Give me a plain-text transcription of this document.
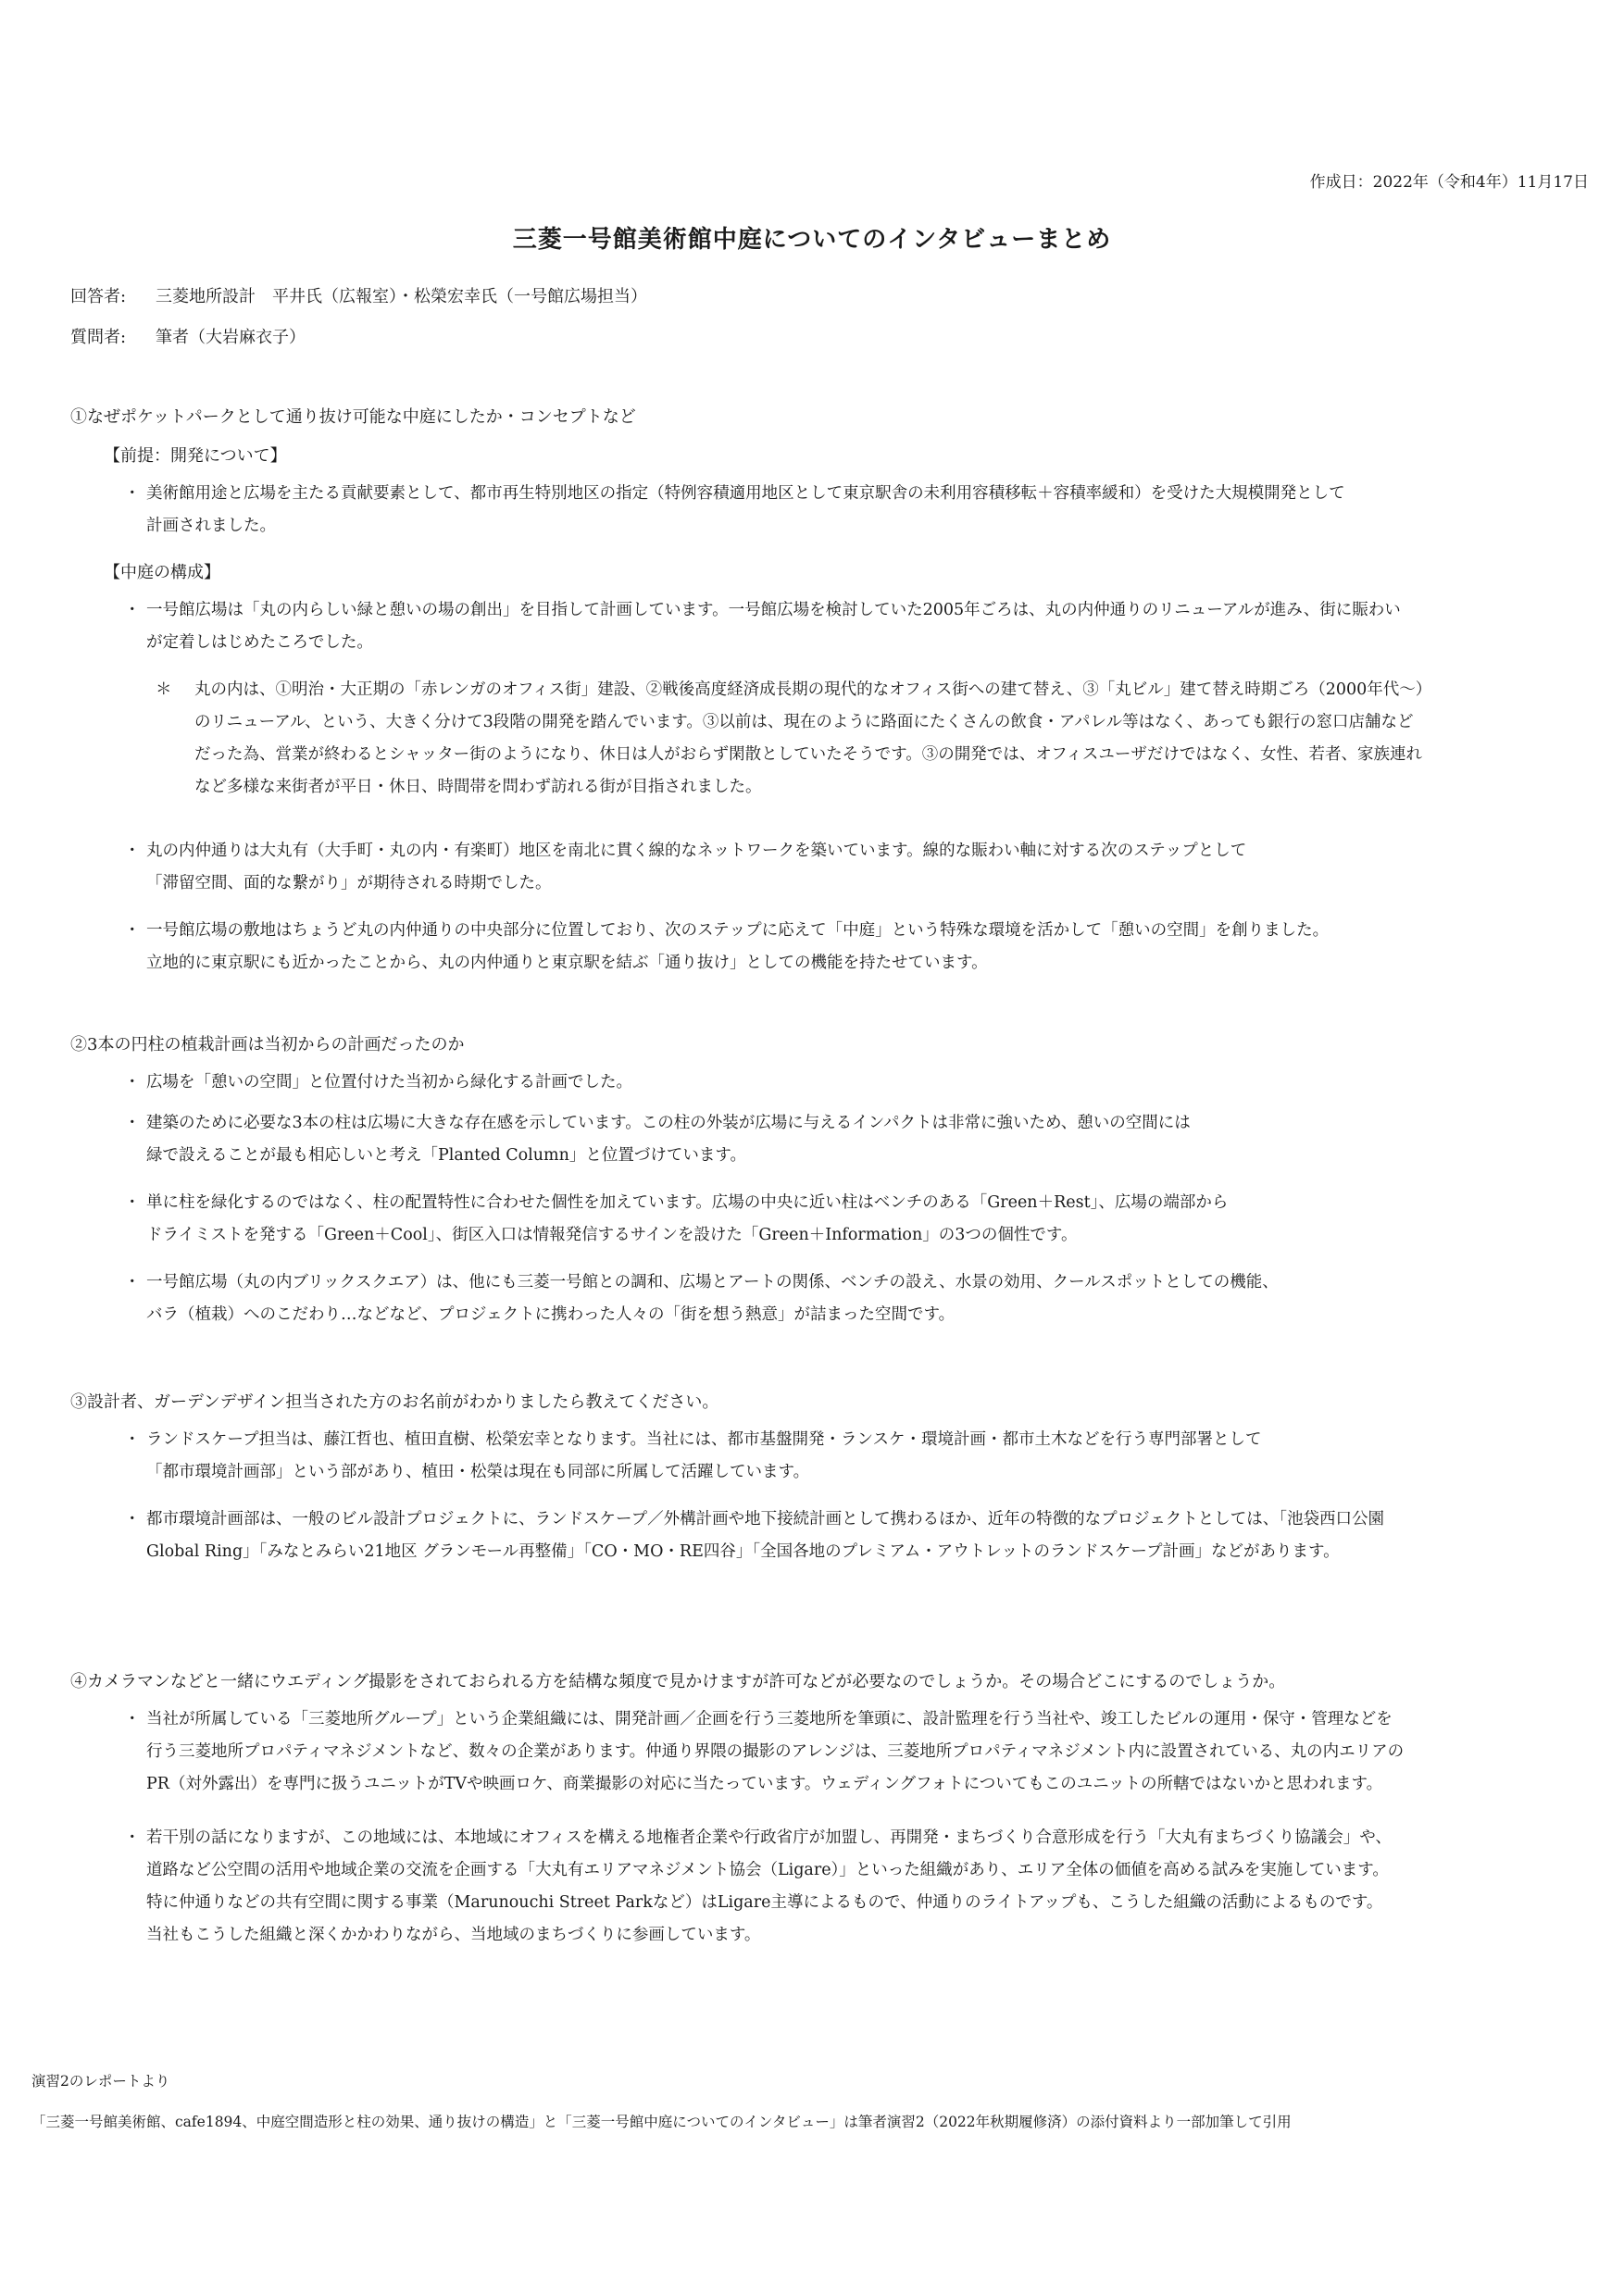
作成日：2022年（令和4年）11月17日
三菱一号館美術館中庭についてのインタビューまとめ
回答者: 三菱地所設計　平井氏（広報室）・松榮宏幸氏（一号館広場担当）
質問者: 筆者（大岩麻衣子）
①なぜポケットパークとして通り抜け可能な中庭にしたか・コンセプトなど
【前提：開発について】
・ 美術館用途と広場を主たる貢献要素として、都市再生特別地区の指定（特例容積適用地区として東京駅舎の未利用容積移転＋容積率緩和）を受けた大規模開発として
計画されました。
【中庭の構成】
・ 一号館広場は「丸の内らしい緑と憩いの場の創出」を目指して計画しています。一号館広場を検討していた2005年ごろは、丸の内仲通りのリニューアルが進み、街に賑わい
が定着しはじめたころでした。
＊	丸の内は、①明治・大正期の「赤レンガのオフィス街」建設、②戦後高度経済成長期の現代的なオフィス街への建て替え、③「丸ビル」建て替え時期ごろ（2000年代～）
のリニューアル、という、大きく分けて3段階の開発を踏んでいます。③以前は、現在のように路面にたくさんの飲食・アパレル等はなく、あっても銀行の窓口店舗など
だった為、営業が終わるとシャッター街のようになり、休日は人がおらず閑散としていたそうです。③の開発では、オフィスユーザだけではなく、女性、若者、家族連れ
など多様な来街者が平日・休日、時間帯を問わず訪れる街が目指されました。
・ 丸の内仲通りは大丸有（大手町・丸の内・有楽町）地区を南北に貫く線的なネットワークを築いています。線的な賑わい軸に対する次のステップとして
「滞留空間、面的な繋がり」が期待される時期でした。
・ 一号館広場の敷地はちょうど丸の内仲通りの中央部分に位置しており、次のステップに応えて「中庭」という特殊な環境を活かして「憩いの空間」を創りました。
立地的に東京駅にも近かったことから、丸の内仲通りと東京駅を結ぶ「通り抜け」としての機能を持たせています。
②3本の円柱の植栽計画は当初からの計画だったのか
・ 広場を「憩いの空間」と位置付けた当初から緑化する計画でした。
・ 建築のために必要な3本の柱は広場に大きな存在感を示しています。この柱の外装が広場に与えるインパクトは非常に強いため、憩いの空間には
緑で設えることが最も相応しいと考え「Planted Column」と位置づけています。
・ 単に柱を緑化するのではなく、柱の配置特性に合わせた個性を加えています。広場の中央に近い柱はベンチのある「Green＋Rest」、広場の端部から
ドライミストを発する「Green＋Cool」、街区入口は情報発信するサインを設けた「Green＋Information」の3つの個性です。
・ 一号館広場（丸の内ブリックスクエア）は、他にも三菱一号館との調和、広場とアートの関係、ベンチの設え、水景の効用、クールスポットとしての機能、
バラ（植栽）へのこだわり…などなど、プロジェクトに携わった人々の「街を想う熱意」が詰まった空間です。
③設計者、ガーデンデザイン担当された方のお名前がわかりましたら教えてください。
・ ランドスケープ担当は、藤江哲也、植田直樹、松榮宏幸となります。当社には、都市基盤開発・ランスケ・環境計画・都市土木などを行う専門部署として
「都市環境計画部」という部があり、植田・松榮は現在も同部に所属して活躍しています。
・ 都市環境計画部は、一般のビル設計プロジェクトに、ランドスケープ／外構計画や地下接続計画として携わるほか、近年の特徴的なプロジェクトとしては、「池袋西口公園
Global Ring」「みなとみらい21地区 グランモール再整備」「CO・MO・RE四谷」「全国各地のプレミアム・アウトレットのランドスケープ計画」などがあります。
④カメラマンなどと一緒にウエディング撮影をされておられる方を結構な頻度で見かけますが許可などが必要なのでしょうか。その場合どこにするのでしょうか。
・ 当社が所属している「三菱地所グループ」という企業組織には、開発計画／企画を行う三菱地所を筆頭に、設計監理を行う当社や、竣工したビルの運用・保守・管理などを
行う三菱地所プロパティマネジメントなど、数々の企業があります。仲通り界隈の撮影のアレンジは、三菱地所プロパティマネジメント内に設置されている、丸の内エリアの
PR（対外露出）を専門に扱うユニットがTVや映画ロケ、商業撮影の対応に当たっています。ウェディングフォトについてもこのユニットの所轄ではないかと思われます。
・ 若干別の話になりますが、この地域には、本地域にオフィスを構える地権者企業や行政省庁が加盟し、再開発・まちづくり合意形成を行う「大丸有まちづくり協議会」や、
道路など公空間の活用や地域企業の交流を企画する「大丸有エリアマネジメント協会（Ligare）」といった組織があり、エリア全体の価値を高める試みを実施しています。
特に仲通りなどの共有空間に関する事業（Marunouchi Street Parkなど）はLigare主導によるもので、仲通りのライトアップも、こうした組織の活動によるものです。
当社もこうした組織と深くかかわりながら、当地域のまちづくりに参画しています。
演習2のレポートより
「三菱一号館美術館、cafe1894、中庭空間造形と柱の効果、通り抜けの構造」と「三菱一号館中庭についてのインタビュー」は筆者演習2（2022年秋期履修済）の添付資料より一部加筆して引用
